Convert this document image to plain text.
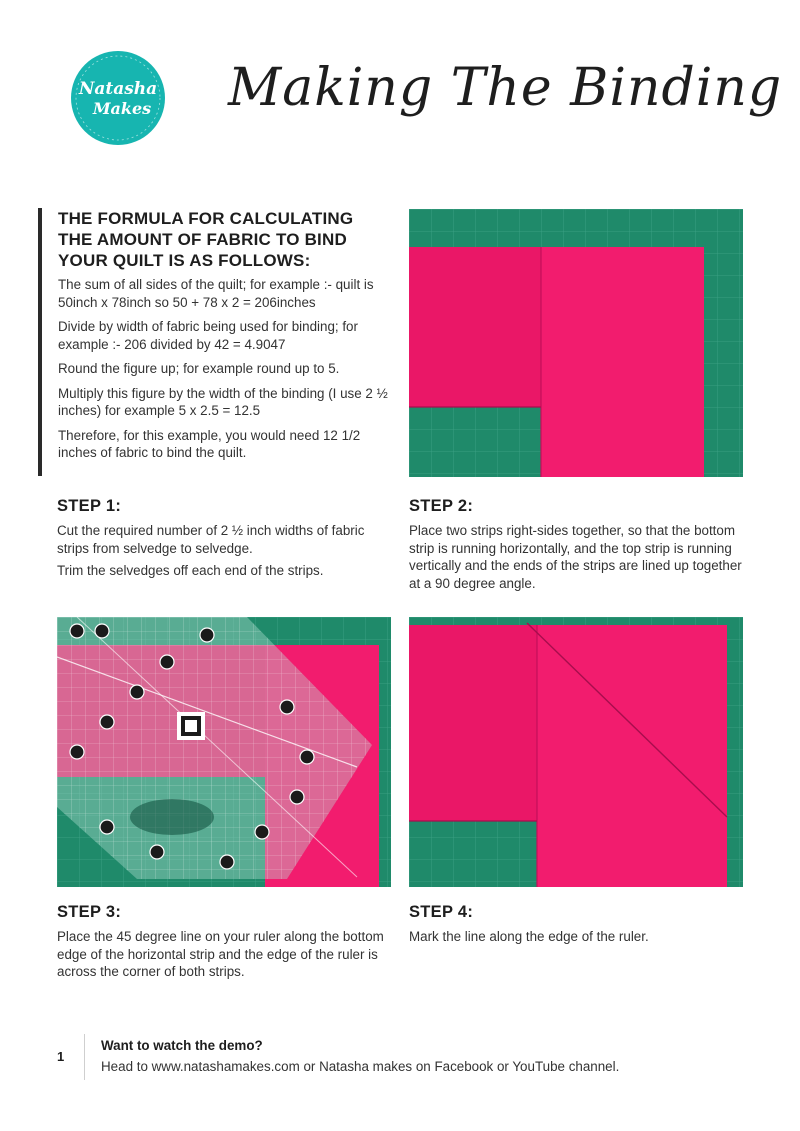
Natasha
Makes Making The Binding
THE FORMULA FOR CALCULATING
THE AMOUNT OF FABRIC TO BIND
YOUR QUILT IS AS FOLLOWS:

The sum of all sides of the quilt; for example :- quilt is 50inch x 78inch so 50 + 78 x 2 = 206inches

Divide by width of fabric being used for binding; for example :- 206 divided by 42 = 4.9047

Round the figure up; for example round up to 5.

Multiply this figure by the width of the binding (I use 2 ½ inches) for example 5 x 2.5 = 12.5

Therefore, for this example, you would need 12 1/2 inches of fabric to bind the quilt.

STEP 1:

Cut the required number of 2 ½ inch widths of fabric strips from selvedge to selvedge.

Trim the selvedges off each end of the strips.

STEP 2:

Place two strips right-sides together, so that the bottom strip is running horizontally, and the top strip is running vertically and the ends of the strips are lined up together at a 90 degree angle.

STEP 3:

Place the 45 degree line on your ruler along the bottom edge of the horizontal strip and the edge of the ruler is across the corner of both strips.

STEP 4:

Mark the line along the edge of the ruler.

1
Want to watch the demo?
Head to www.natashamakes.com or Natasha makes on Facebook or YouTube channel.
